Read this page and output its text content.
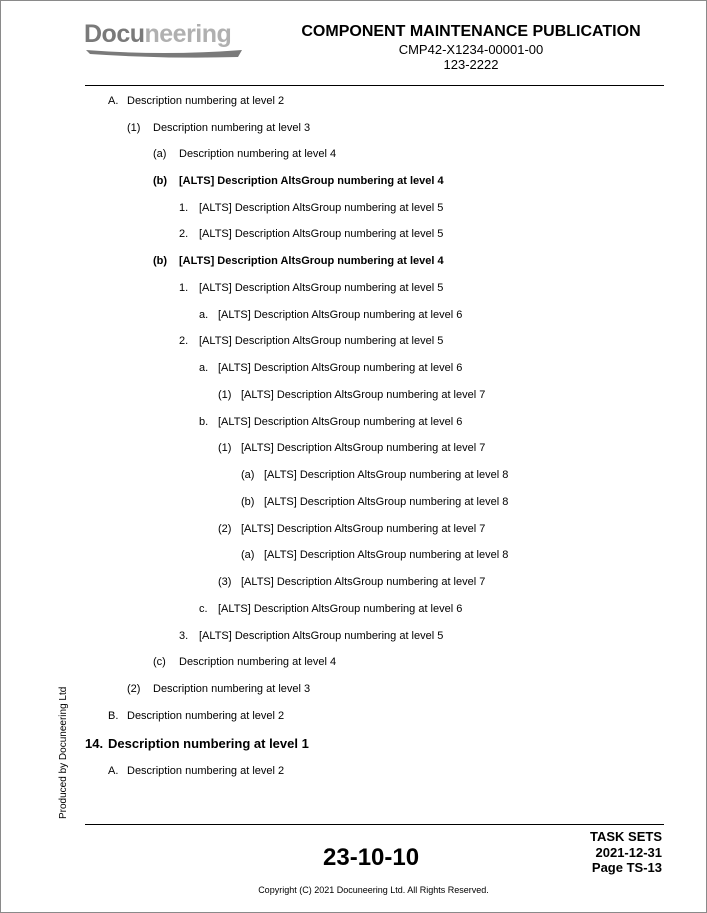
Docuneering	COMPONENT MAINTENANCE PUBLICATION
CMP42-X1234-00001-00
123-2222
Produced by Docuneering Ltd
A. Description numbering at level 2
(1) Description numbering at level 3
(a) Description numbering at level 4
(b) [ALTS] Description AltsGroup numbering at level 4
1. [ALTS] Description AltsGroup numbering at level 5
2. [ALTS] Description AltsGroup numbering at level 5
(b) [ALTS] Description AltsGroup numbering at level 4
1. [ALTS] Description AltsGroup numbering at level 5
a. [ALTS] Description AltsGroup numbering at level 6
2. [ALTS] Description AltsGroup numbering at level 5
a. [ALTS] Description AltsGroup numbering at level 6
(1) [ALTS] Description AltsGroup numbering at level 7
b. [ALTS] Description AltsGroup numbering at level 6
(1) [ALTS] Description AltsGroup numbering at level 7
(a) [ALTS] Description AltsGroup numbering at level 8
(b) [ALTS] Description AltsGroup numbering at level 8
(2) [ALTS] Description AltsGroup numbering at level 7
(a) [ALTS] Description AltsGroup numbering at level 8
(3) [ALTS] Description AltsGroup numbering at level 7
c. [ALTS] Description AltsGroup numbering at level 6
3. [ALTS] Description AltsGroup numbering at level 5
(c) Description numbering at level 4
(2) Description numbering at level 3
B. Description numbering at level 2
14. Description numbering at level 1
A. Description numbering at level 2
23-10-10
TASK SETS
2021-12-31
Page TS-13
Copyright (C) 2021 Docuneering Ltd. All Rights Reserved.
